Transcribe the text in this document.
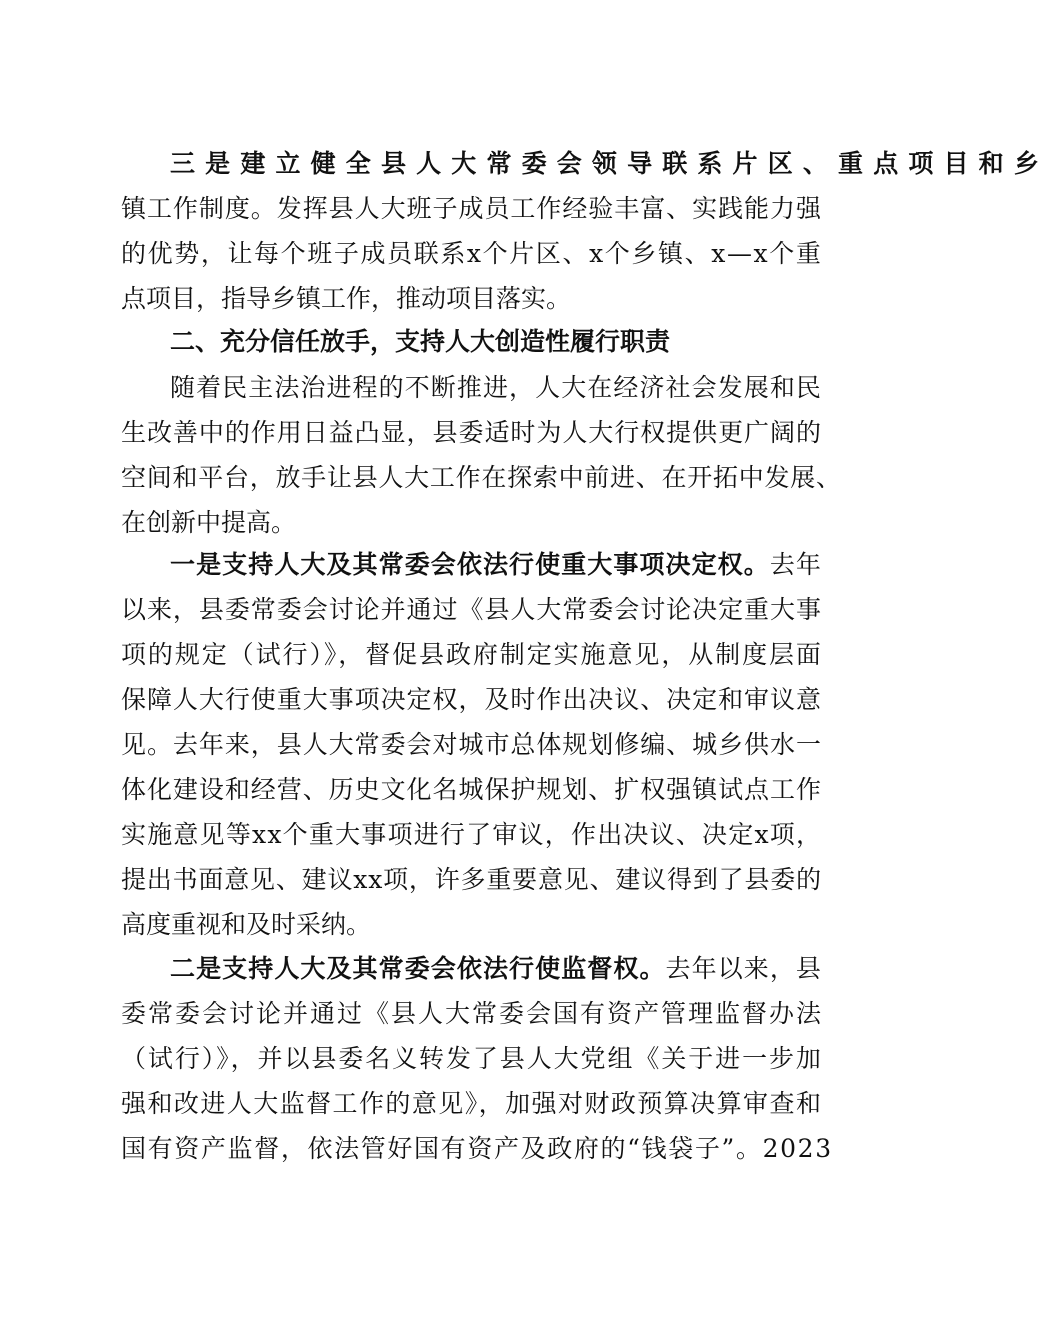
三是建立健全县人大常委会领导联系片区、重点项目和乡
镇工作制度。发挥县人大班子成员工作经验丰富、实践能力强
的优势，让每个班子成员联系x个片区、x个乡镇、x—x个重
点项目，指导乡镇工作，推动项目落实。
二、充分信任放手，支持人大创造性履行职责
随着民主法治进程的不断推进，人大在经济社会发展和民
生改善中的作用日益凸显，县委适时为人大行权提供更广阔的
空间和平台，放手让县人大工作在探索中前进、在开拓中发展、
在创新中提高。
一是支持人大及其常委会依法行使重大事项决定权。去年
以来，县委常委会讨论并通过《县人大常委会讨论决定重大事
项的规定（试行）》，督促县政府制定实施意见，从制度层面
保障人大行使重大事项决定权，及时作出决议、决定和审议意
见。去年来，县人大常委会对城市总体规划修编、城乡供水一
体化建设和经营、历史文化名城保护规划、扩权强镇试点工作
实施意见等xx个重大事项进行了审议，作出决议、决定x项，
提出书面意见、建议xx项，许多重要意见、建议得到了县委的
高度重视和及时采纳。
二是支持人大及其常委会依法行使监督权。去年以来，县
委常委会讨论并通过《县人大常委会国有资产管理监督办法
（试行）》，并以县委名义转发了县人大党组《关于进一步加
强和改进人大监督工作的意见》，加强对财政预算决算审查和
国有资产监督，依法管好国有资产及政府的“钱袋子”。2023
